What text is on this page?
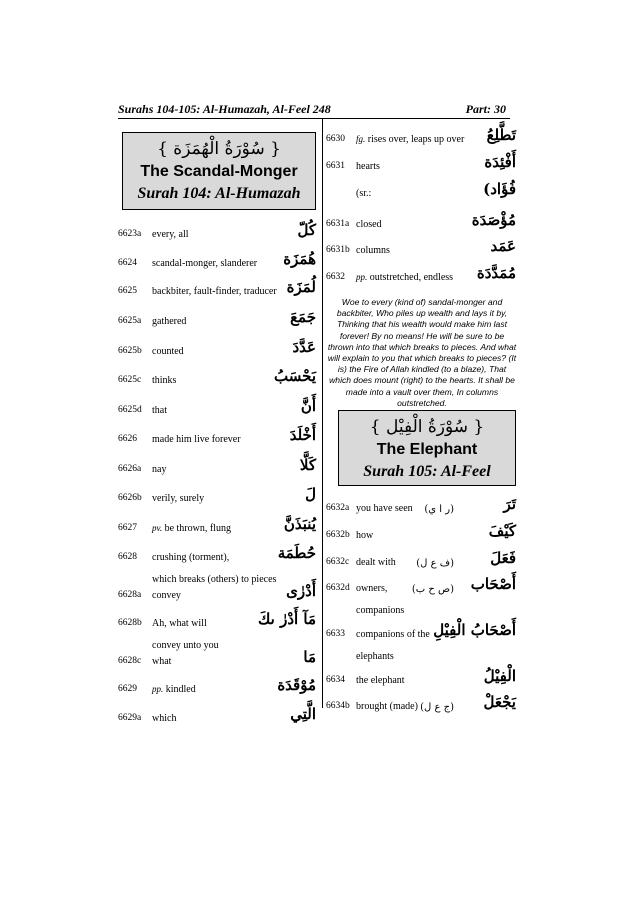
Surahs 104-105: Al-Humazah, Al-Feel 248	Part: 30
{ سُوْرَةُ الْهُمَزَة }
The Scandal-Monger
Surah 104: Al-Humazah
Woe to every (kind of) sandal-monger and backbiter, Who piles up wealth and lays it by, Thinking that his wealth would make him last forever! By no means! He will be sure to be thrown into that which breaks to pieces. And what will explain to you that which breaks to pieces? (It is) the Fire of Allah kindled (to a blaze), That which does mount (right) to the hearts. It shall be made into a vault over them, In columns outstretched.
{ سُوْرَةُ الْفِيْل }
The Elephant
Surah 105: Al-Feel
6623a every, all	كُلّ
6624 scandal-monger, slanderer هُمَزَة
6625 backbiter, fault-finder, traducer لُمَزَة
6625a gathered	جَمَعَ
6625b counted	عَدَّدَ
6625c thinks	يَحْسَبُ
6625d that	أَنَّ
6626 made him live forever	أَخْلَدَ
6626a nay	كَلَّا
6626b verily, surely	لَ
6627 pv. be thrown, flung	يُنبَذَنَّ
6628 crushing (torment),	حُطَمَة
which breaks (others) to pieces
6628a convey	أَدْرٰى
6628b Ah, what will	مَآ أَدْرٰ ىكَ
convey unto you
6628c what	مَا
6629 pp. kindled	مُوْقَدَة
6629a which	الَّتِي
6630 fg. rises over, leaps up over تَطَّلِعُ
6631 hearts	أَفْئِدَة
(sr.:	فُؤَاد)
6631a closed	مُؤْصَدَة
6631b columns	عَمَد
6632 pp. outstretched, endless مُمَدَّدَة
6632a you have seen	تَرَ
(ر ا ي)
6632b how	كَيْفَ
6632c dealt with	فَعَلَ
(ف ع ل)
6632d owners,	أَصْحَاب
(ص ح ب)
companions
6633 companions of the أَصْحَابُ الْفِيْلِ
elephants
6634 the elephant	الْفِيْلُ
6634b brought (made)	يَجْعَلْ
(ج ع ل)
